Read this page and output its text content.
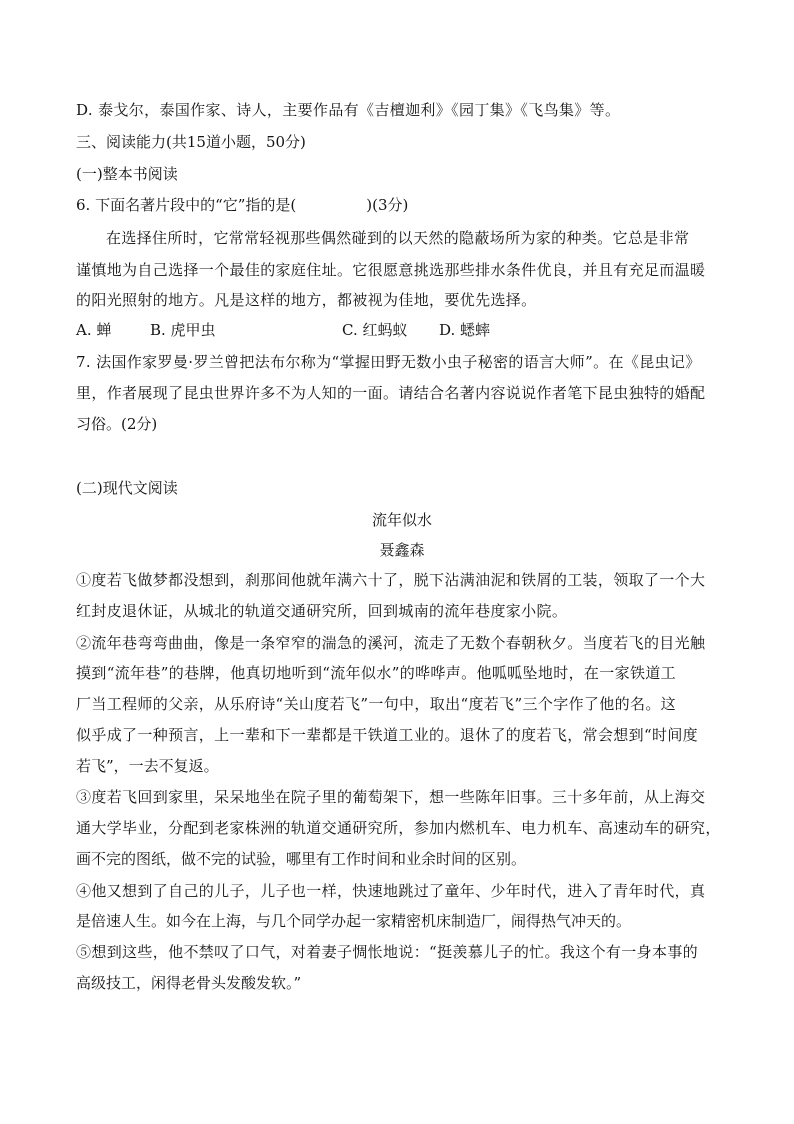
D. 泰戈尔，泰国作家、诗人，主要作品有《吉檀迦利》《园丁集》《飞鸟集》等。
三、阅读能力(共15道小题，50分)
(一)整本书阅读
6. 下面名著片段中的“它”指的是(	)(3分)
在选择住所时，它常常轻视那些偶然碰到的以天然的隐蔽场所为家的种类。它总是非常
谨慎地为自己选择一个最佳的家庭住址。它很愿意挑选那些排水条件优良，并且有充足而温暖
的阳光照射的地方。凡是这样的地方，都被视为佳地，要优先选择。
A. 蝉	B. 虎甲虫	C. 红蚂蚁 D. 蟋蟀
7. 法国作家罗曼·罗兰曾把法布尔称为“掌握田野无数小虫子秘密的语言大师”。在《昆虫记》
里，作者展现了昆虫世界许多不为人知的一面。请结合名著内容说说作者笔下昆虫独特的婚配
习俗。(2分)
(二)现代文阅读
流年似水
聂鑫森
①度若飞做梦都没想到，刹那间他就年满六十了，脱下沾满油泥和铁屑的工装，领取了一个大
红封皮退休证，从城北的轨道交通研究所，回到城南的流年巷度家小院。
②流年巷弯弯曲曲，像是一条窄窄的湍急的溪河，流走了无数个春朝秋夕。当度若飞的目光触
摸到“流年巷”的巷牌，他真切地听到“流年似水”的哗哗声。他呱呱坠地时，在一家铁道工
厂当工程师的父亲，从乐府诗“关山度若飞”一句中，取出“度若飞”三个字作了他的名。这
似乎成了一种预言，上一辈和下一辈都是干铁道工业的。退休了的度若飞，常会想到“时间度
若飞”，一去不复返。
③度若飞回到家里，呆呆地坐在院子里的葡萄架下，想一些陈年旧事。三十多年前，从上海交
通大学毕业，分配到老家株洲的轨道交通研究所，参加内燃机车、电力机车、高速动车的研究，
画不完的图纸，做不完的试验，哪里有工作时间和业余时间的区别。
④他又想到了自己的儿子，儿子也一样，快速地跳过了童年、少年时代，进入了青年时代，真
是倍速人生。如今在上海，与几个同学办起一家精密机床制造厂，闹得热气冲天的。
⑤想到这些，他不禁叹了口气，对着妻子惆怅地说：“挺羡慕儿子的忙。我这个有一身本事的
高级技工，闲得老骨头发酸发软。”
